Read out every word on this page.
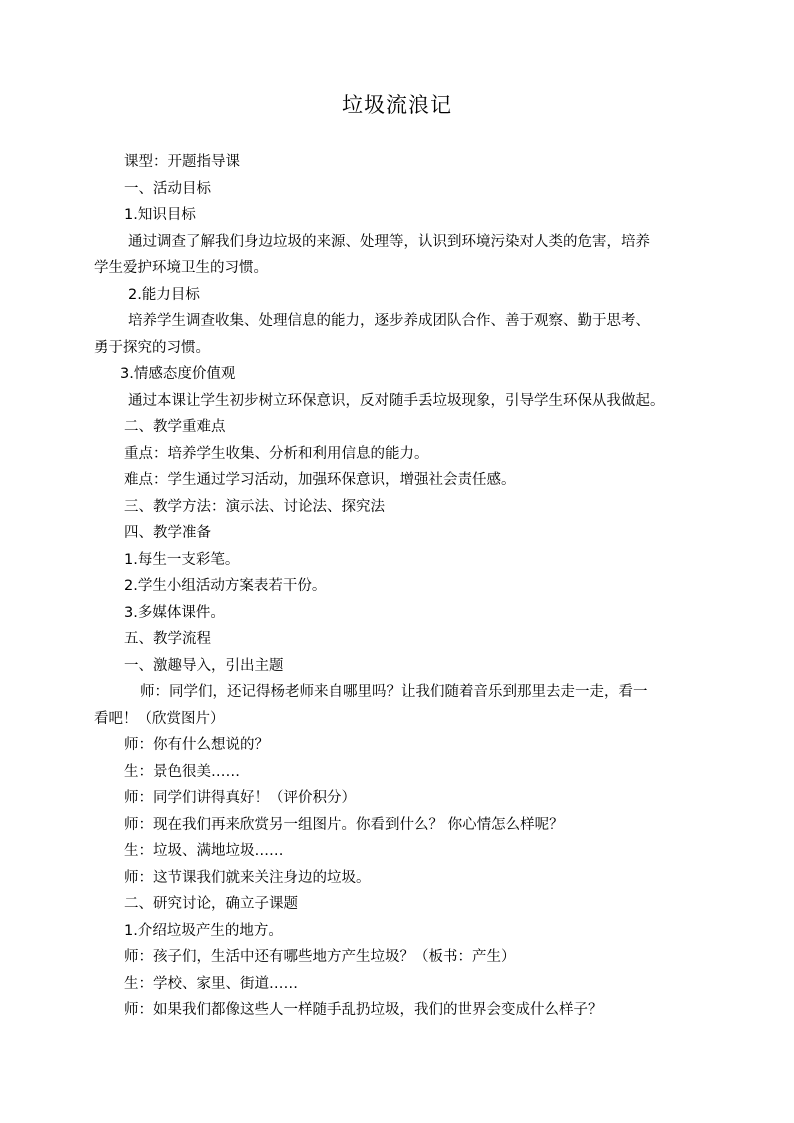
垃圾流浪记
课型：开题指导课
一、活动目标
1.知识目标
通过调查了解我们身边垃圾的来源、处理等，认识到环境污染对人类的危害，培养
学生爱护环境卫生的习惯。
2.能力目标
培养学生调查收集、处理信息的能力，逐步养成团队合作、善于观察、勤于思考、
勇于探究的习惯。
3.情感态度价值观
通过本课让学生初步树立环保意识，反对随手丢垃圾现象，引导学生环保从我做起。
二、教学重难点
重点：培养学生收集、分析和利用信息的能力。
难点：学生通过学习活动，加强环保意识，增强社会责任感。
三、教学方法：演示法、讨论法、探究法
四、教学准备
1.每生一支彩笔。
2.学生小组活动方案表若干份。
3.多媒体课件。
五、教学流程
一、激趣导入，引出主题
师：同学们，还记得杨老师来自哪里吗？让我们随着音乐到那里去走一走，看一
看吧！（欣赏图片）
师：你有什么想说的？
生：景色很美……
师：同学们讲得真好！（评价积分）
师：现在我们再来欣赏另一组图片。你看到什么？ 你心情怎么样呢？
生：垃圾、满地垃圾……
师：这节课我们就来关注身边的垃圾。
二、研究讨论，确立子课题
1.介绍垃圾产生的地方。
师：孩子们，生活中还有哪些地方产生垃圾？（板书：产生）
生：学校、家里、街道……
师：如果我们都像这些人一样随手乱扔垃圾，我们的世界会变成什么样子？
